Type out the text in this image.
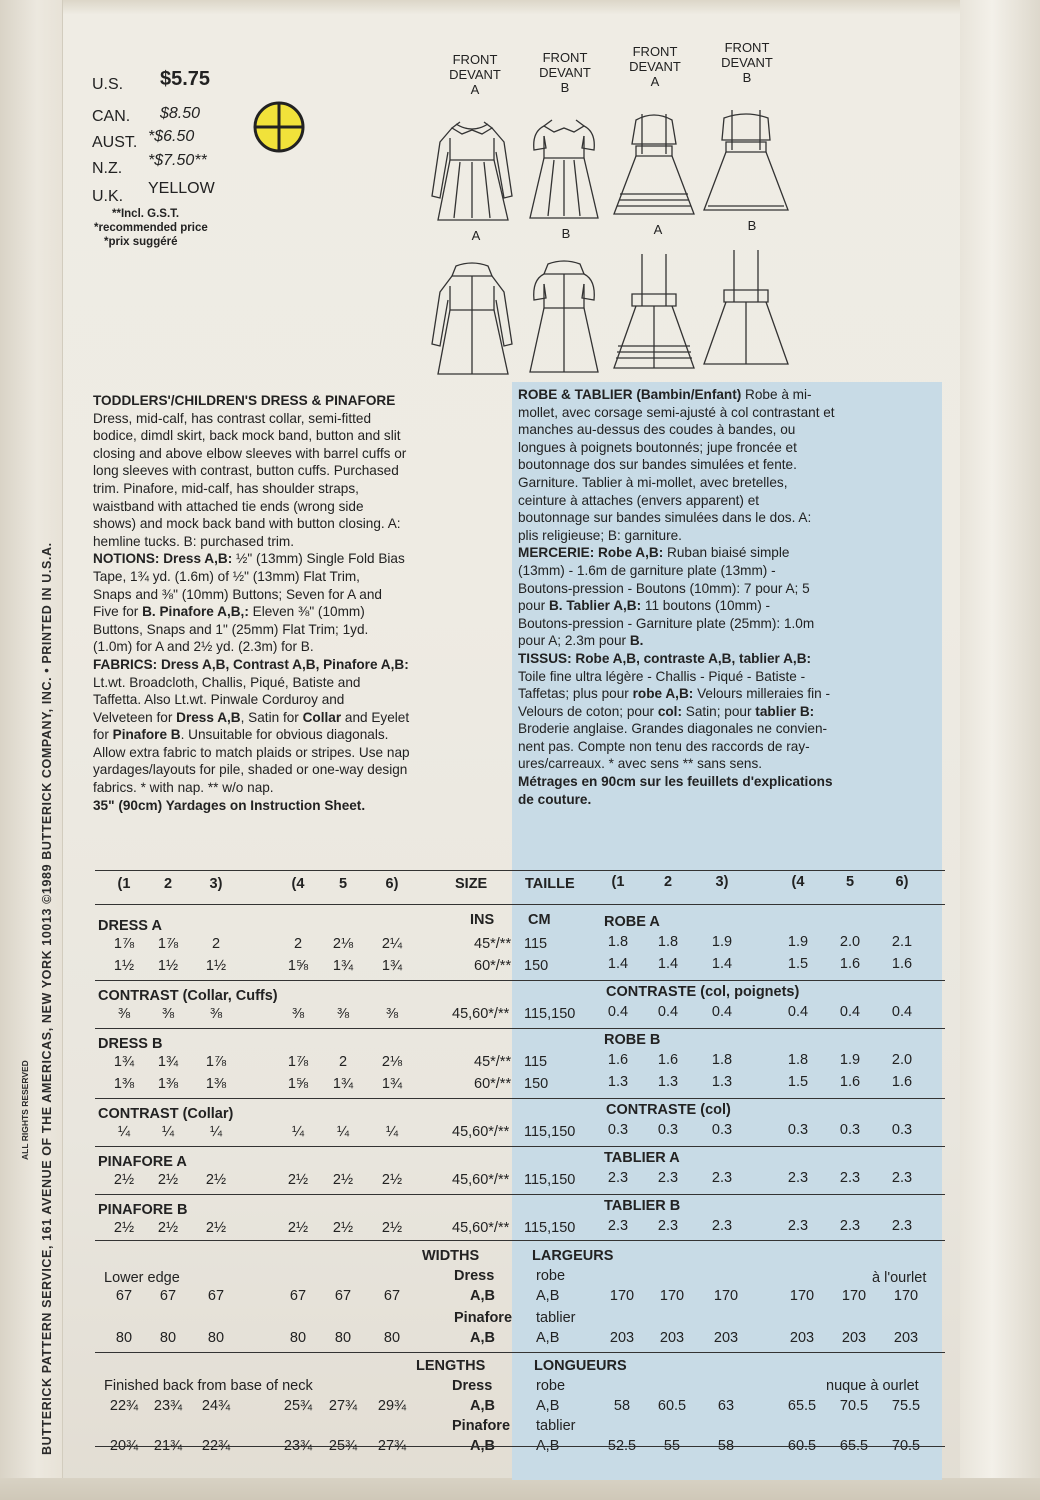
BUTTERICK PATTERN SERVICE, 161 AVENUE OF THE AMERICAS, NEW YORK 10013 ©1989 BUTTERICK COMPANY, INC. • PRINTED IN U.S.A.
ALL RIGHTS RESERVED
U.S. $5.75
CAN. $8.50
AUST. *$6.50
N.Z. *$7.50**
U.K. YELLOW
**Incl. G.S.T.
*recommended price
*prix suggéré
FRONT
DEVANT
A
FRONT
DEVANT
B
FRONT
DEVANT
A
FRONT
DEVANT
B
A	B	A	B
TODDLERS'/CHILDREN'S DRESS & PINAFORE
Dress, mid-calf, has contrast collar, semi-fitted
bodice, dimdl skirt, back mock band, button and slit
closing and above elbow sleeves with barrel cuffs or
long sleeves with contrast, button cuffs. Purchased
trim. Pinafore, mid-calf, has shoulder straps,
waistband with attached tie ends (wrong side
shows) and mock back band with button closing. A:
hemline tucks. B: purchased trim.
NOTIONS: Dress A,B: ½" (13mm) Single Fold Bias
Tape, 1¾ yd. (1.6m) of ½" (13mm) Flat Trim,
Snaps and ⅜" (10mm) Buttons; Seven for A and
Five for B. Pinafore A,B,: Eleven ⅜" (10mm)
Buttons, Snaps and 1" (25mm) Flat Trim; 1yd.
(1.0m) for A and 2½ yd. (2.3m) for B.
FABRICS: Dress A,B, Contrast A,B, Pinafore A,B:
Lt.wt. Broadcloth, Challis, Piqué, Batiste and
Taffetta. Also Lt.wt. Pinwale Corduroy and
Velveteen for Dress A,B, Satin for Collar and Eyelet
for Pinafore B. Unsuitable for obvious diagonals.
Allow extra fabric to match plaids or stripes. Use nap
yardages/layouts for pile, shaded or one-way design
fabrics. * with nap. ** w/o nap.
35" (90cm) Yardages on Instruction Sheet.
ROBE & TABLIER (Bambin/Enfant) Robe à mi-
mollet, avec corsage semi-ajusté à col contrastant et
manches au-dessus des coudes à bandes, ou
longues à poignets boutonnés; jupe froncée et
boutonnage dos sur bandes simulées et fente.
Garniture. Tablier à mi-mollet, avec bretelles,
ceinture à attaches (envers apparent) et
boutonnage sur bandes simulées dans le dos. A:
plis religieuse; B: garniture.
MERCERIE: Robe A,B: Ruban biaisé simple
(13mm) - 1.6m de garniture plate (13mm) -
Boutons-pression - Boutons (10mm): 7 pour A; 5
pour B. Tablier A,B: 11 boutons (10mm) -
Boutons-pression - Garniture plate (25mm): 1.0m
pour A; 2.3m pour B.
TISSUS: Robe A,B, contraste A,B, tablier A,B:
Toile fine ultra légère - Challis - Piqué - Batiste -
Taffetas; plus pour robe A,B: Velours milleraies fin -
Velours de coton; pour col: Satin; pour tablier B:
Broderie anglaise. Grandes diagonales ne convien-
nent pas. Compte non tenu des raccords de ray-
ures/carreaux. * avec sens ** sans sens.
Métrages en 90cm sur les feuillets d'explications
de couture.
(1	2	3)	(4	5	6)	SIZE	TAILLE	(1	2	3)	(4	5	6)
DRESS A	ROBE A
INS CM
1⅞	1⅞	2	2	2⅛	2¼	45*/** 115	1.8	1.8	1.9	1.9	2.0	2.1
1½	1½	1½	1⅝	1¾	1¾	60*/** 150	1.4	1.4	1.4	1.5	1.6	1.6
CONTRAST (Collar, Cuffs)	CONTRASTE (col, poignets)
⅜	⅜	⅜	⅜	⅜	⅜	45,60*/** 115,150	0.4	0.4	0.4	0.4	0.4	0.4
DRESS B	ROBE B
1¾	1¾	1⅞	1⅞	2	2⅛	45*/** 115	1.6	1.6	1.8	1.8	1.9	2.0
1⅜	1⅜	1⅜	1⅝	1¾	1¾	60*/** 150	1.3	1.3	1.3	1.5	1.6	1.6
CONTRAST (Collar)	CONTRASTE (col)
¼	¼	¼	¼	¼	¼	45,60*/** 115,150	0.3	0.3	0.3	0.3	0.3	0.3
PINAFORE A	TABLIER A
2½	2½	2½	2½	2½	2½	45,60*/** 115,150	2.3	2.3	2.3	2.3	2.3	2.3
PINAFORE B	TABLIER B
2½	2½	2½	2½	2½	2½	45,60*/** 115,150	2.3	2.3	2.3	2.3	2.3	2.3
WIDTHS	LARGEURS
Lower edge	à l'ourlet
Dress	robe
A,B	A,B
67	67	67	67	67	67	170	170	170	170	170	170
Pinafore tablier
A,B	A,B
80	80	80	80	80	80	203	203	203	203	203	203
LENGTHS	LONGUEURS
Finished back from base of neck	nuque à ourlet
Dress	robe
A,B	A,B
22¾	23¾	24¾	25¾	27¾	29¾	58	60.5	63	65.5	70.5	75.5
Pinafore tablier
A,B	A,B
20¾	21¾	22¾	23¾	25¾	27¾	52.5	55	58	60.5	65.5	70.5
